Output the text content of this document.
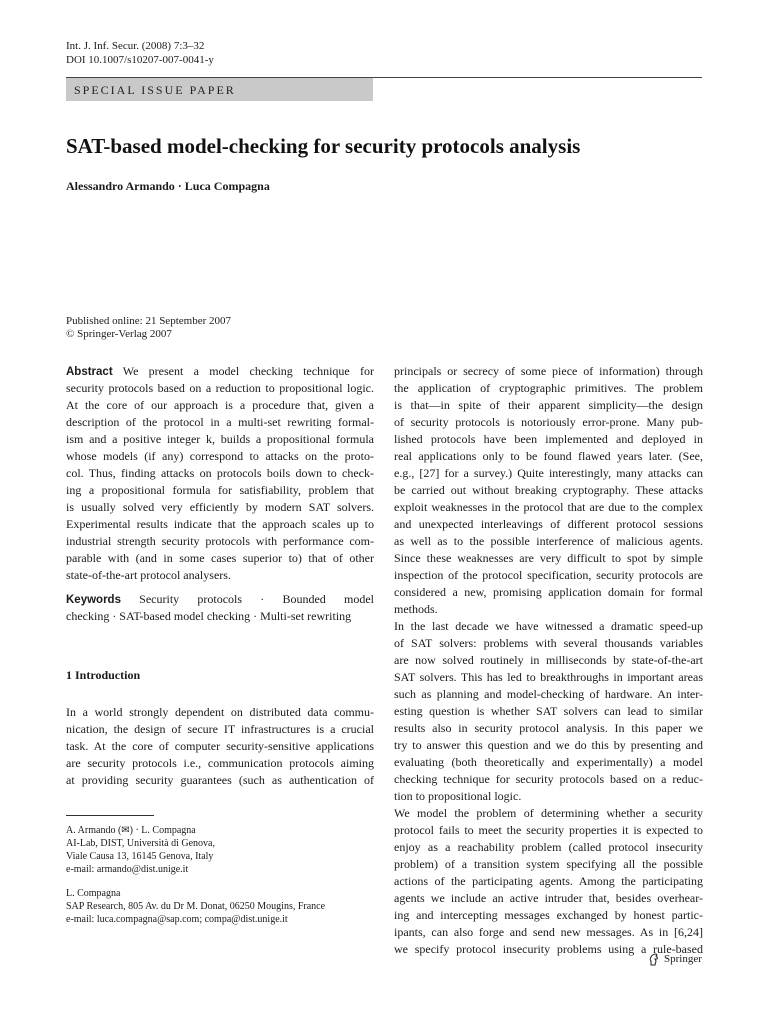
Int. J. Inf. Secur. (2008) 7:3–32
DOI 10.1007/s10207-007-0041-y
SPECIAL ISSUE PAPER
SAT-based model-checking for security protocols analysis
Alessandro Armando · Luca Compagna
Published online: 21 September 2007
© Springer-Verlag 2007
Abstract We present a model checking technique for
security protocols based on a reduction to propositional logic.
At the core of our approach is a procedure that, given a
description of the protocol in a multi-set rewriting formal-
ism and a positive integer k, builds a propositional formula
whose models (if any) correspond to attacks on the proto-
col. Thus, finding attacks on protocols boils down to check-
ing a propositional formula for satisfiability, problem that
is usually solved very efficiently by modern SAT solvers.
Experimental results indicate that the approach scales up to
industrial strength security protocols with performance com-
parable with (and in some cases superior to) that of other
state-of-the-art protocol analysers.
Keywords Security protocols · Bounded model
checking · SAT-based model checking · Multi-set rewriting
1 Introduction
In a world strongly dependent on distributed data commu-
nication, the design of secure IT infrastructures is a crucial
task. At the core of computer security-sensitive applications
are security protocols i.e., communication protocols aiming
at providing security guarantees (such as authentication of
A. Armando (✉) · L. Compagna
AI-Lab, DIST, Università di Genova,
Viale Causa 13, 16145 Genova, Italy
e-mail: armando@dist.unige.it
L. Compagna
SAP Research, 805 Av. du Dr M. Donat, 06250 Mougins, France
e-mail: luca.compagna@sap.com; compa@dist.unige.it
principals or secrecy of some piece of information) through
the application of cryptographic primitives. The problem
is that—in spite of their apparent simplicity—the design
of security protocols is notoriously error-prone. Many pub-
lished protocols have been implemented and deployed in
real applications only to be found flawed years later. (See,
e.g., [27] for a survey.) Quite interestingly, many attacks can
be carried out without breaking cryptography. These attacks
exploit weaknesses in the protocol that are due to the complex
and unexpected interleavings of different protocol sessions
as well as to the possible interference of malicious agents.
Since these weaknesses are very difficult to spot by simple
inspection of the protocol specification, security protocols are
considered a new, promising application domain for formal
methods.
In the last decade we have witnessed a dramatic speed-up
of SAT solvers: problems with several thousands variables
are now solved routinely in milliseconds by state-of-the-art
SAT solvers. This has led to breakthroughs in important areas
such as planning and model-checking of hardware. An inter-
esting question is whether SAT solvers can lead to similar
results also in security protocol analysis. In this paper we
try to answer this question and we do this by presenting and
evaluating (both theoretically and experimentally) a model
checking technique for security protocols based on a reduc-
tion to propositional logic.
We model the problem of determining whether a security
protocol fails to meet the security properties it is expected to
enjoy as a reachability problem (called protocol insecurity
problem) of a transition system specifying all the possible
actions of the participating agents. Among the participating
agents we include an active intruder that, besides overhear-
ing and intercepting messages exchanged by honest partic-
ipants, can also forge and send new messages. As in [6,24]
we specify protocol insecurity problems using a rule-based
Springer
